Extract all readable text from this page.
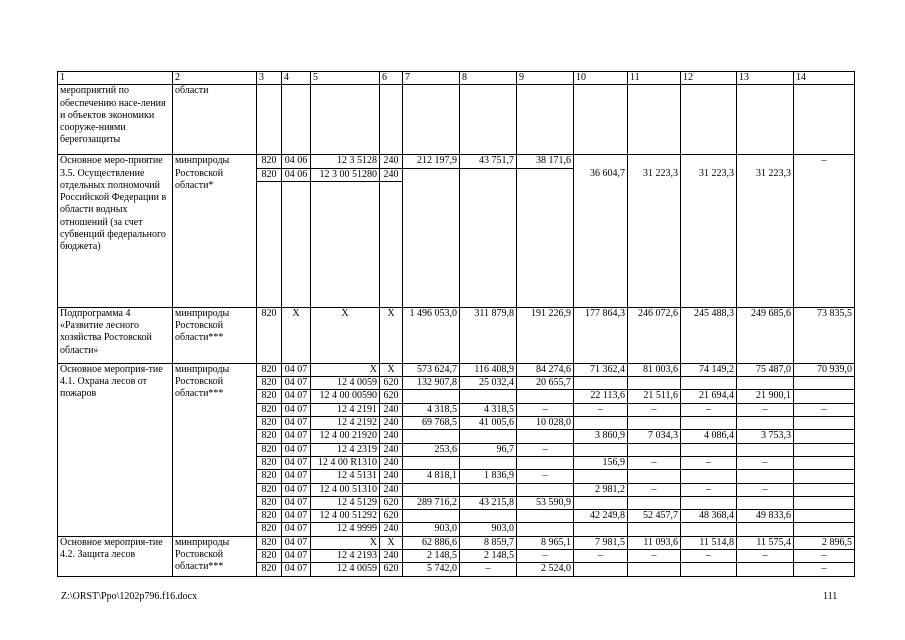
1	2	3	4	5	6	7	8	9	10	11	12	13	14
мероприятий по обеспечению насе-ления и объектов экономики сооруже-ниями берегозащиты	области												
Основное меро-приятие 3.5. Осуществление отдельных полномочий Российской Федерации в области водных отношений (за счет субвенций федерального бюджета)	минприроды Ростовской области*	820	04 06	12 3 5128	240	212 197,9	43 751,7	38 171,6					–
		820	04 06	12 3 00 51280	240				36 604,7	31 223,3	31 223,3	31 223,3	

Подпрограмма 4 «Развитие лесного хозяйства Ростовской области»	минприроды Ростовской области***	820	Х	Х	Х	1 496 053,0	311 879,8	191 226,9	177 864,3	246 072,6	245 488,3	249 685,6	73 835,5
Основное мероприя-тие 4.1. Охрана лесов от пожаров	минприроды Ростовской области***	820	04 07	Х	Х	573 624,7	116 408,9	84 274,6	71 362,4	81 003,6	74 149,2	75 487,0	70 939,0
		820	04 07	12 4 0059	620	132 907,8	25 032,4	20 655,7					
		820	04 07	12 4 00 00590	620				22 113,6	21 511,6	21 694,4	21 900,1	
		820	04 07	12 4 2191	240	4 318,5	4 318,5	–	–	–	–	–	–
		820	04 07	12 4 2192	240	69 768,5	41 005,6	10 028,0					
		820	04 07	12 4 00 21920	240				3 860,9	7 034,3	4 086,4	3 753,3	
		820	04 07	12 4 2319	240	253,6	96,7	–					
		820	04 07	12 4 00 R1310	240				156,9	–	–	–	
		820	04 07	12 4 5131	240	4 818,1	1 836,9	–					
		820	04 07	12 4 00 51310	240				2 981,2	–	–	–	
		820	04 07	12 4 5129	620	289 716,2	43 215,8	53 590,9					
		820	04 07	12 4 00 51292	620				42 249,8	52 457,7	48 368,4	49 833,6	
		820	04 07	12 4 9999	240	903,0	903,0						
Основное мероприя-тие 4.2. Защита лесов	минприроды Ростовской области***	820	04 07	Х	Х	62 886,6	8 859,7	8 965,1	7 981,5	11 093,6	11 514,8	11 575,4	2 896,5
		820	04 07	12 4 2193	240	2 148,5	2 148,5	–	–	–	–	–	–
		820	04 07	12 4 0059	620	5 742,0	–	2 524,0					–
Z:\ORST\Ppo\1202p796.f16.docx	111
